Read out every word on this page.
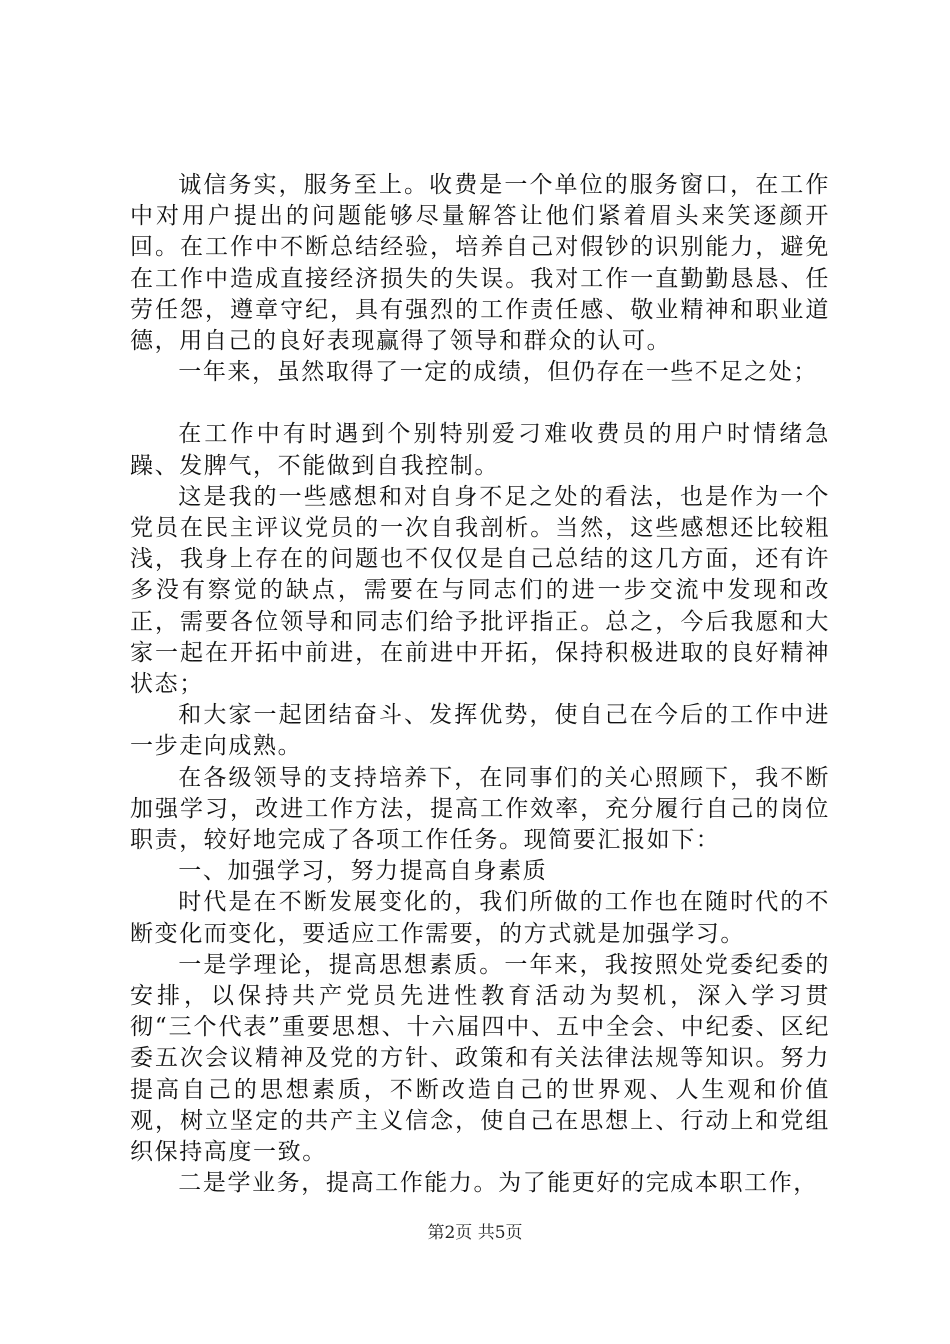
诚信务实，服务至上。收费是一个单位的服务窗口，在工作中对用户提出的问题能够尽量解答让他们紧着眉头来笑逐颜开回。在工作中不断总结经验，培养自己对假钞的识别能力，避免在工作中造成直接经济损失的失误。我对工作一直勤勤恳恳、任劳任怨，遵章守纪，具有强烈的工作责任感、敬业精神和职业道德，用自己的良好表现赢得了领导和群众的认可。

一年来，虽然取得了一定的成绩，但仍存在一些不足之处；

在工作中有时遇到个别特别爱刁难收费员的用户时情绪急躁、发脾气，不能做到自我控制。

这是我的一些感想和对自身不足之处的看法，也是作为一个党员在民主评议党员的一次自我剖析。当然，这些感想还比较粗浅，我身上存在的问题也不仅仅是自己总结的这几方面，还有许多没有察觉的缺点，需要在与同志们的进一步交流中发现和改正，需要各位领导和同志们给予批评指正。总之，今后我愿和大家一起在开拓中前进，在前进中开拓，保持积极进取的良好精神状态；

和大家一起团结奋斗、发挥优势，使自己在今后的工作中进一步走向成熟。

在各级领导的支持培养下，在同事们的关心照顾下，我不断加强学习，改进工作方法，提高工作效率，充分履行自己的岗位职责，较好地完成了各项工作任务。现简要汇报如下：

一、加强学习，努力提高自身素质

时代是在不断发展变化的，我们所做的工作也在随时代的不断变化而变化，要适应工作需要，的方式就是加强学习。

一是学理论，提高思想素质。一年来，我按照处党委纪委的安排，以保持共产党员先进性教育活动为契机，深入学习贯彻“三个代表”重要思想、十六届四中、五中全会、中纪委、区纪委五次会议精神及党的方针、政策和有关法律法规等知识。努力提高自己的思想素质，不断改造自己的世界观、人生观和价值观，树立坚定的共产主义信念，使自己在思想上、行动上和党组织保持高度一致。

二是学业务，提高工作能力。为了能更好的完成本职工作，

第2页 共5页
